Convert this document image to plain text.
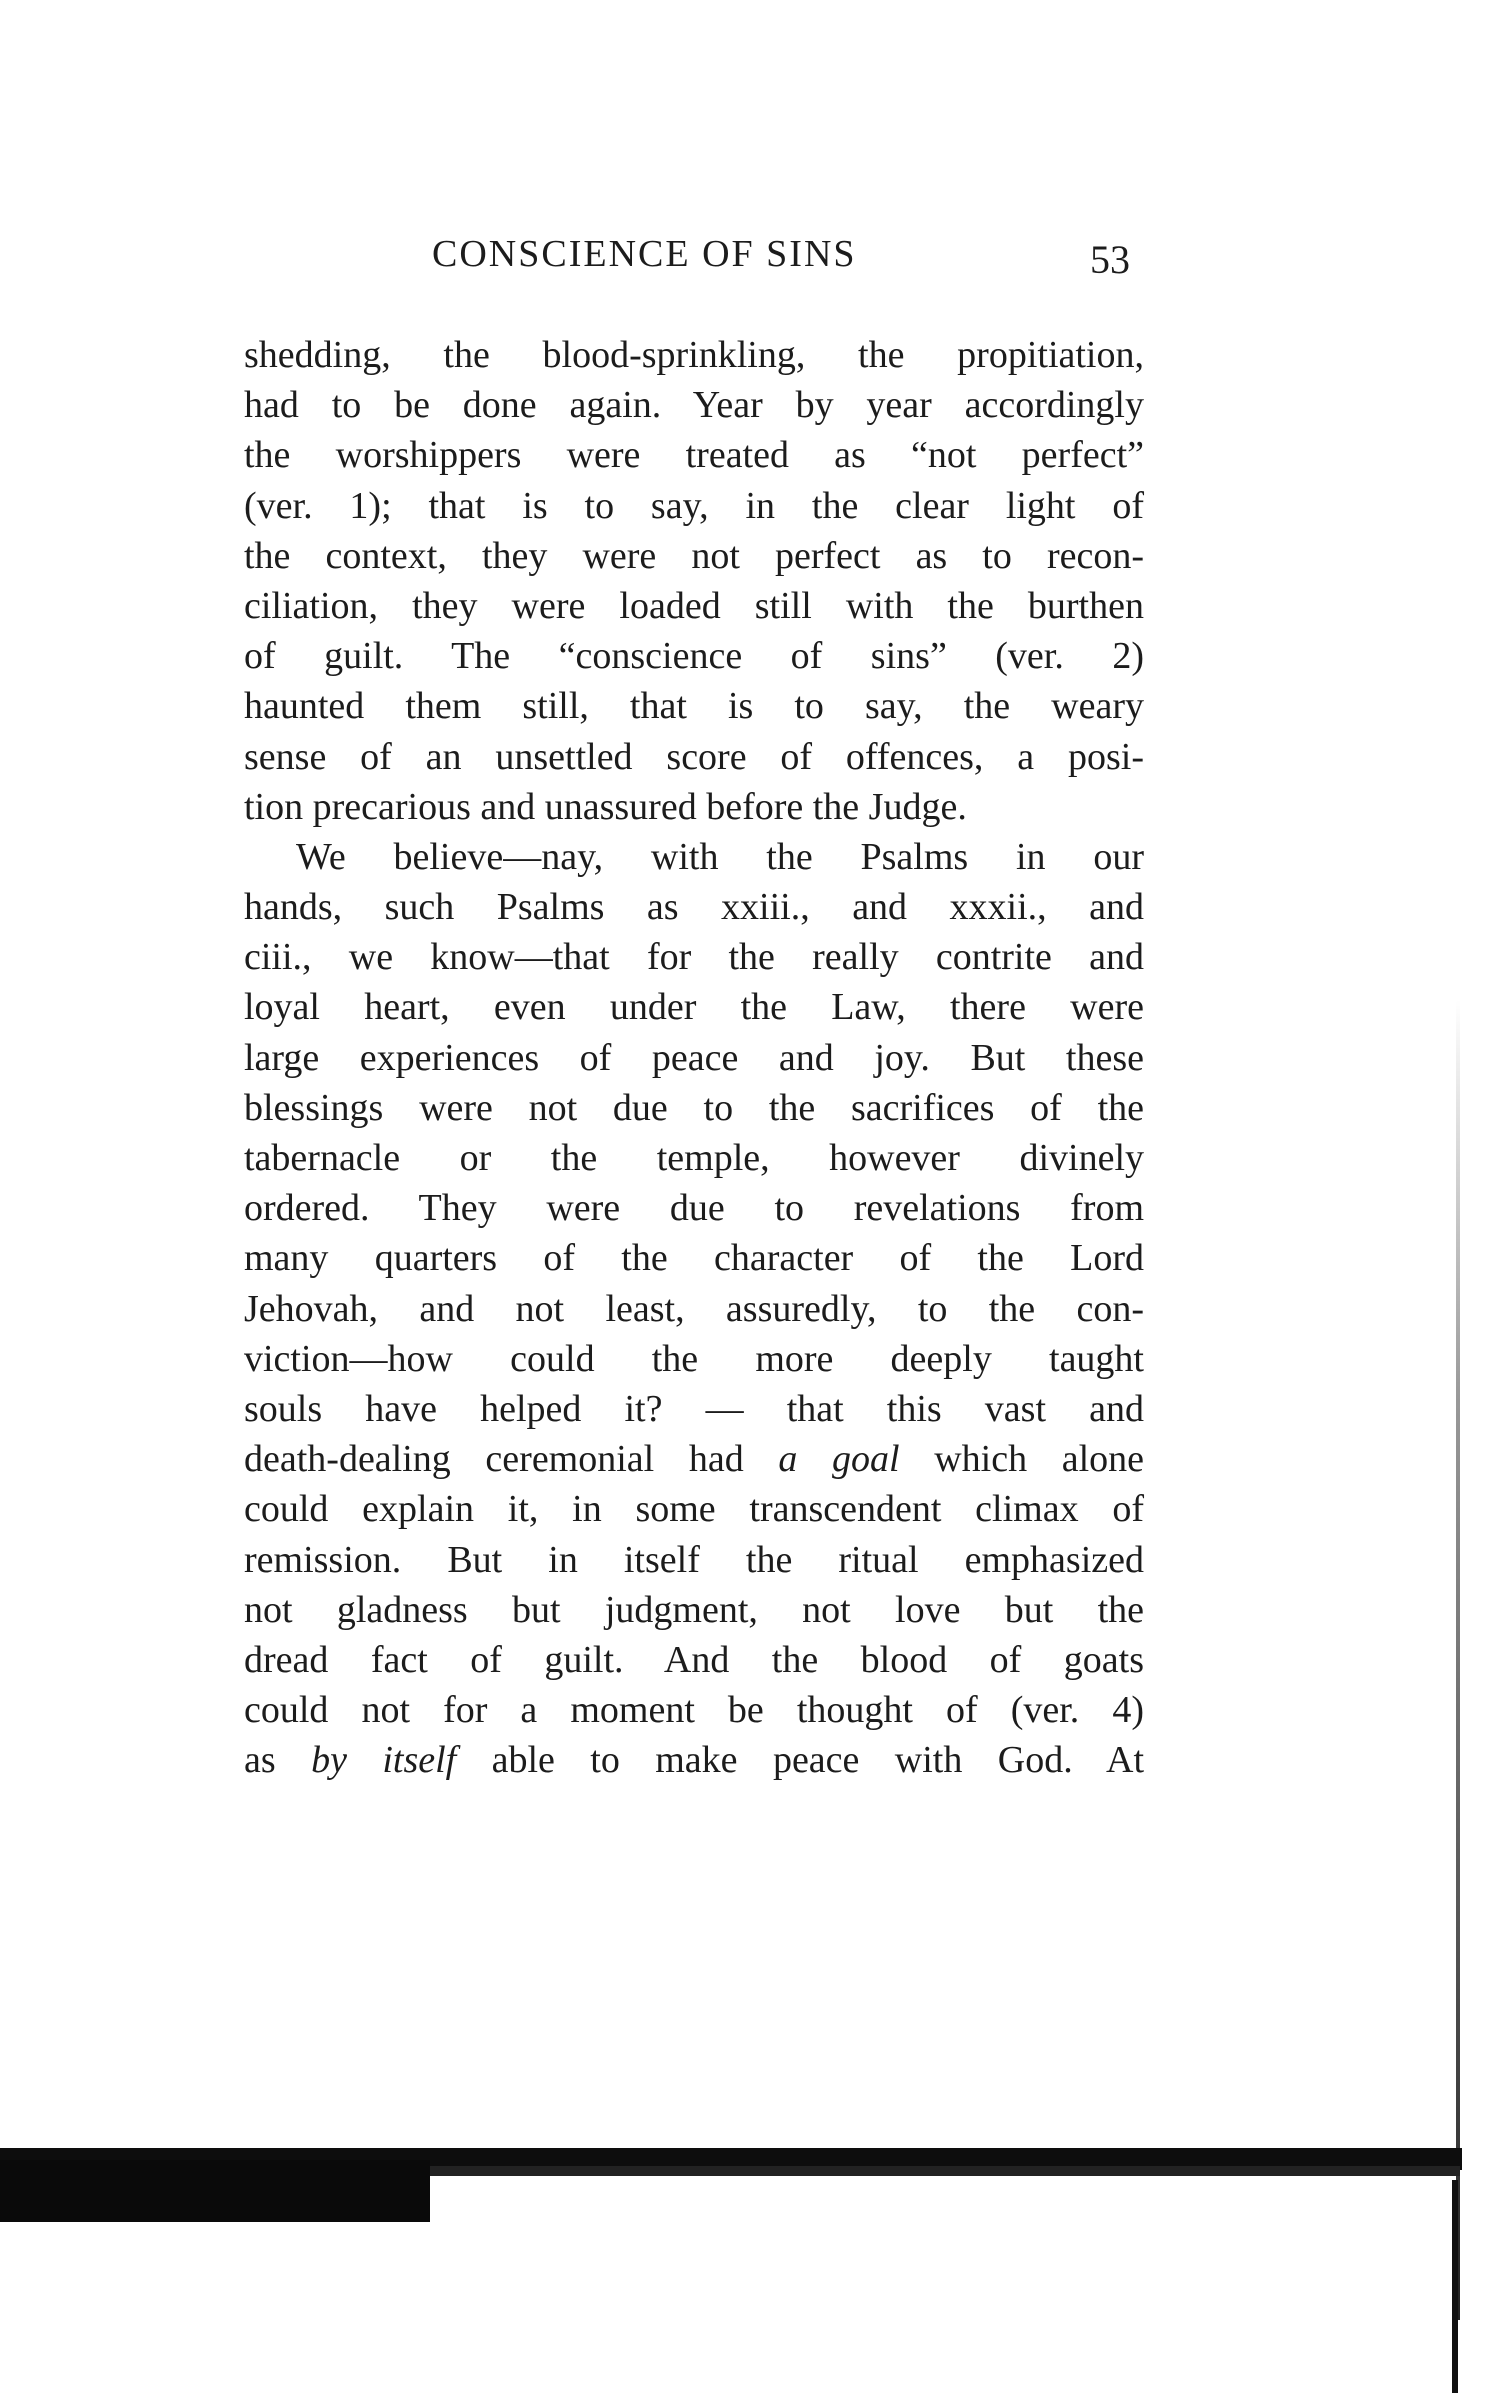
CONSCIENCE OF SINS	53
shedding, the blood-sprinkling, the propitiation,
had to be done again. Year by year accordingly
the worshippers were treated as “not perfect”
(ver. 1); that is to say, in the clear light of
the context, they were not perfect as to recon-
ciliation, they were loaded still with the burthen
of guilt. The “conscience of sins” (ver. 2)
haunted them still, that is to say, the weary
sense of an unsettled score of offences, a posi-
tion precarious and unassured before the Judge.
We believe—nay, with the Psalms in our
hands, such Psalms as xxiii., and xxxii., and
ciii., we know—that for the really contrite and
loyal heart, even under the Law, there were
large experiences of peace and joy. But these
blessings were not due to the sacrifices of the
tabernacle or the temple, however divinely
ordered. They were due to revelations from
many quarters of the character of the Lord
Jehovah, and not least, assuredly, to the con-
viction—how could the more deeply taught
souls have helped it? — that this vast and
death-dealing ceremonial had a goal which alone
could explain it, in some transcendent climax of
remission. But in itself the ritual emphasized
not gladness but judgment, not love but the
dread fact of guilt. And the blood of goats
could not for a moment be thought of (ver. 4)
as by itself able to make peace with God. At
